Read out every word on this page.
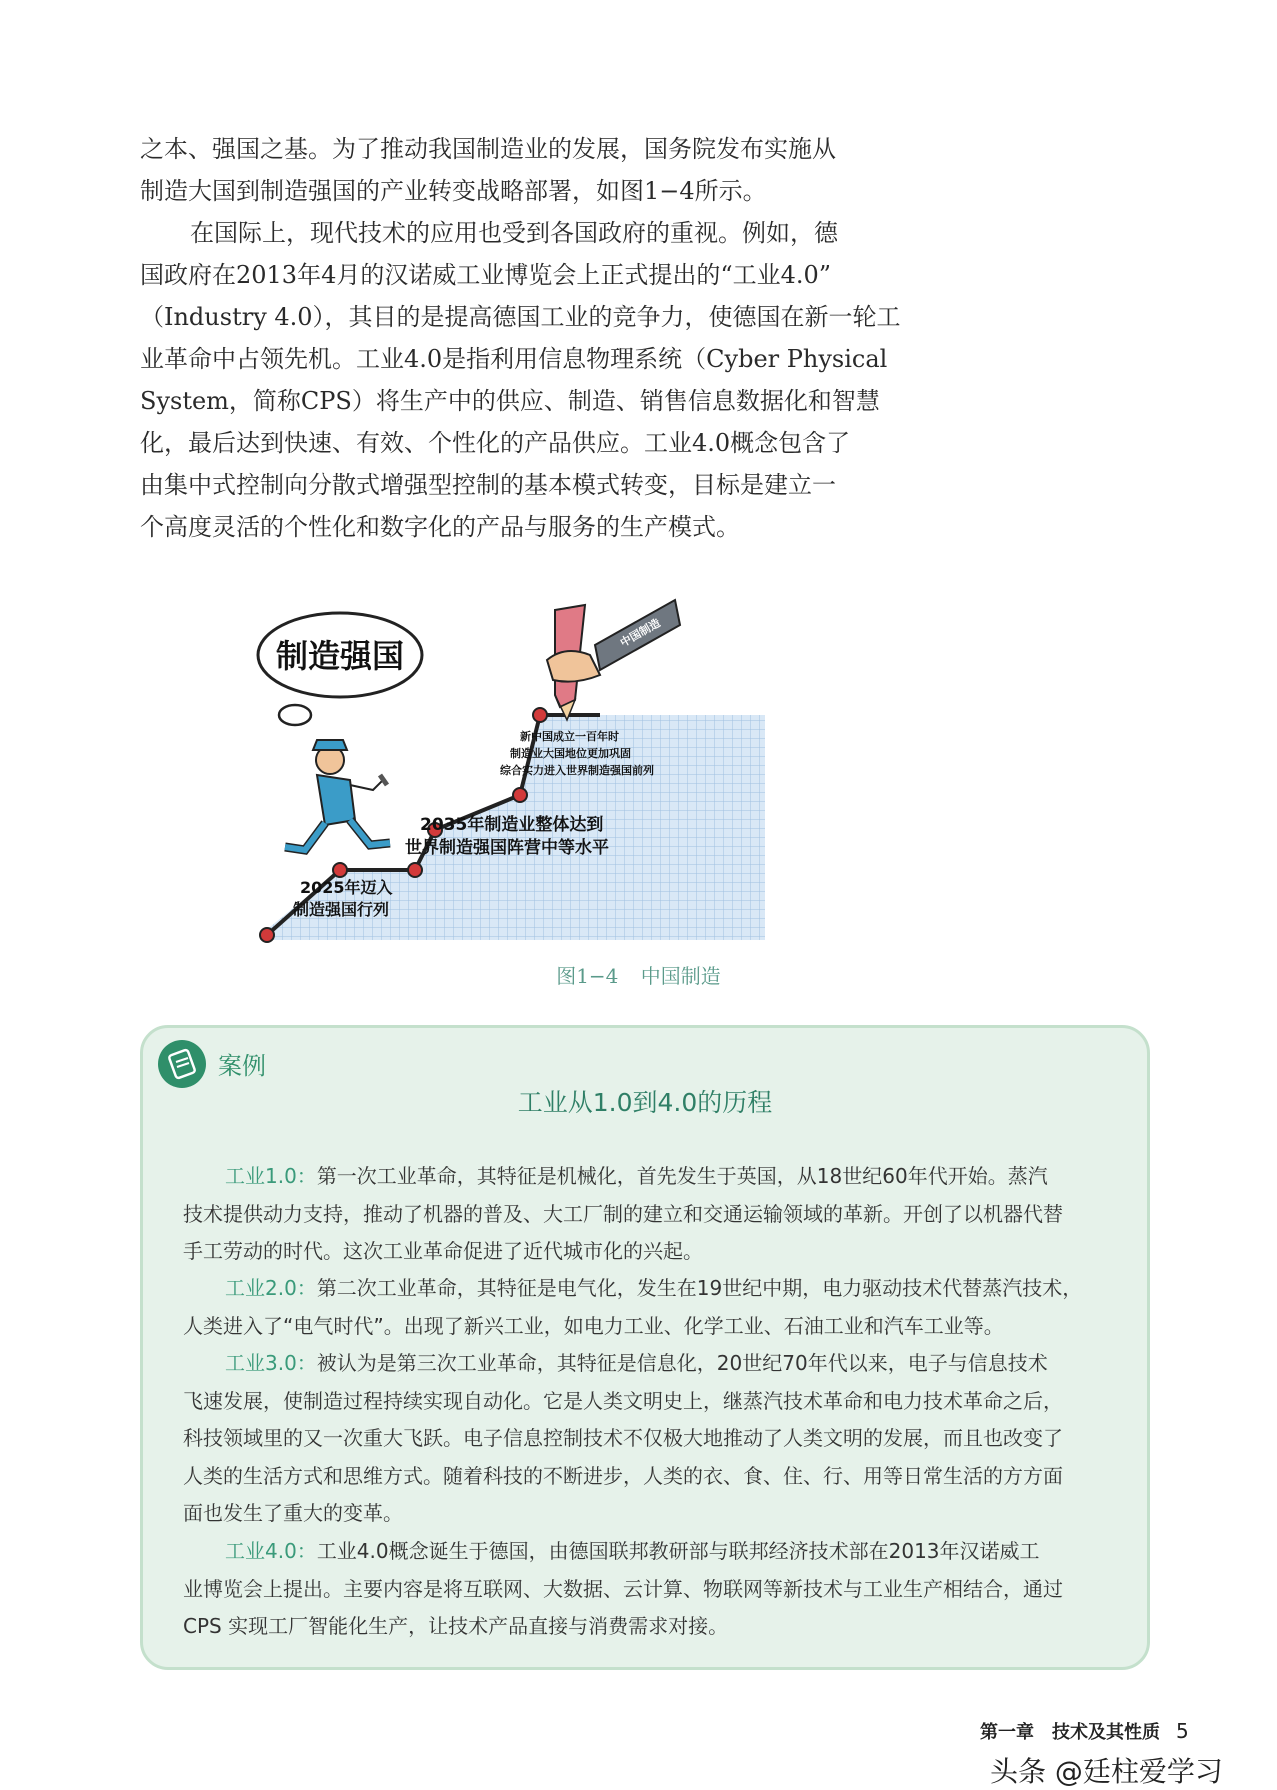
之本、强国之基。为了推动我国制造业的发展，国务院发布实施从
制造大国到制造强国的产业转变战略部署，如图1−4所示。
在国际上，现代技术的应用也受到各国政府的重视。例如，德
国政府在2013年4月的汉诺威工业博览会上正式提出的“工业4.0”
（Industry 4.0），其目的是提高德国工业的竞争力，使德国在新一轮工
业革命中占领先机。工业4.0是指利用信息物理系统（Cyber Physical
System，简称CPS）将生产中的供应、制造、销售信息数据化和智慧
化，最后达到快速、有效、个性化的产品供应。工业4.0概念包含了
由集中式控制向分散式增强型控制的基本模式转变，目标是建立一
个高度灵活的个性化和数字化的产品与服务的生产模式。
制造强国
中国制造
2025年迈入
制造强国行列
2035年制造业整体达到
世界制造强国阵营中等水平
新中国成立一百年时
制造业大国地位更加巩固
综合实力进入世界制造强国前列
图1−4 中国制造
案例
工业从1.0到4.0的历程
工业1.0：第一次工业革命，其特征是机械化，首先发生于英国，从18世纪60年代开始。蒸汽
技术提供动力支持，推动了机器的普及、大工厂制的建立和交通运输领域的革新。开创了以机器代替
手工劳动的时代。这次工业革命促进了近代城市化的兴起。
工业2.0：第二次工业革命，其特征是电气化，发生在19世纪中期，电力驱动技术代替蒸汽技术，
人类进入了“电气时代”。出现了新兴工业，如电力工业、化学工业、石油工业和汽车工业等。
工业3.0：被认为是第三次工业革命，其特征是信息化，20世纪70年代以来，电子与信息技术
飞速发展，使制造过程持续实现自动化。它是人类文明史上，继蒸汽技术革命和电力技术革命之后，
科技领域里的又一次重大飞跃。电子信息控制技术不仅极大地推动了人类文明的发展，而且也改变了
人类的生活方式和思维方式。随着科技的不断进步，人类的衣、食、住、行、用等日常生活的方方面
面也发生了重大的变革。
工业4.0：工业4.0概念诞生于德国，由德国联邦教研部与联邦经济技术部在2013年汉诺威工
业博览会上提出。主要内容是将互联网、大数据、云计算、物联网等新技术与工业生产相结合，通过
CPS 实现工厂智能化生产，让技术产品直接与消费需求对接。
第一章　技术及其性质 5
头条 @廷柱爱学习
